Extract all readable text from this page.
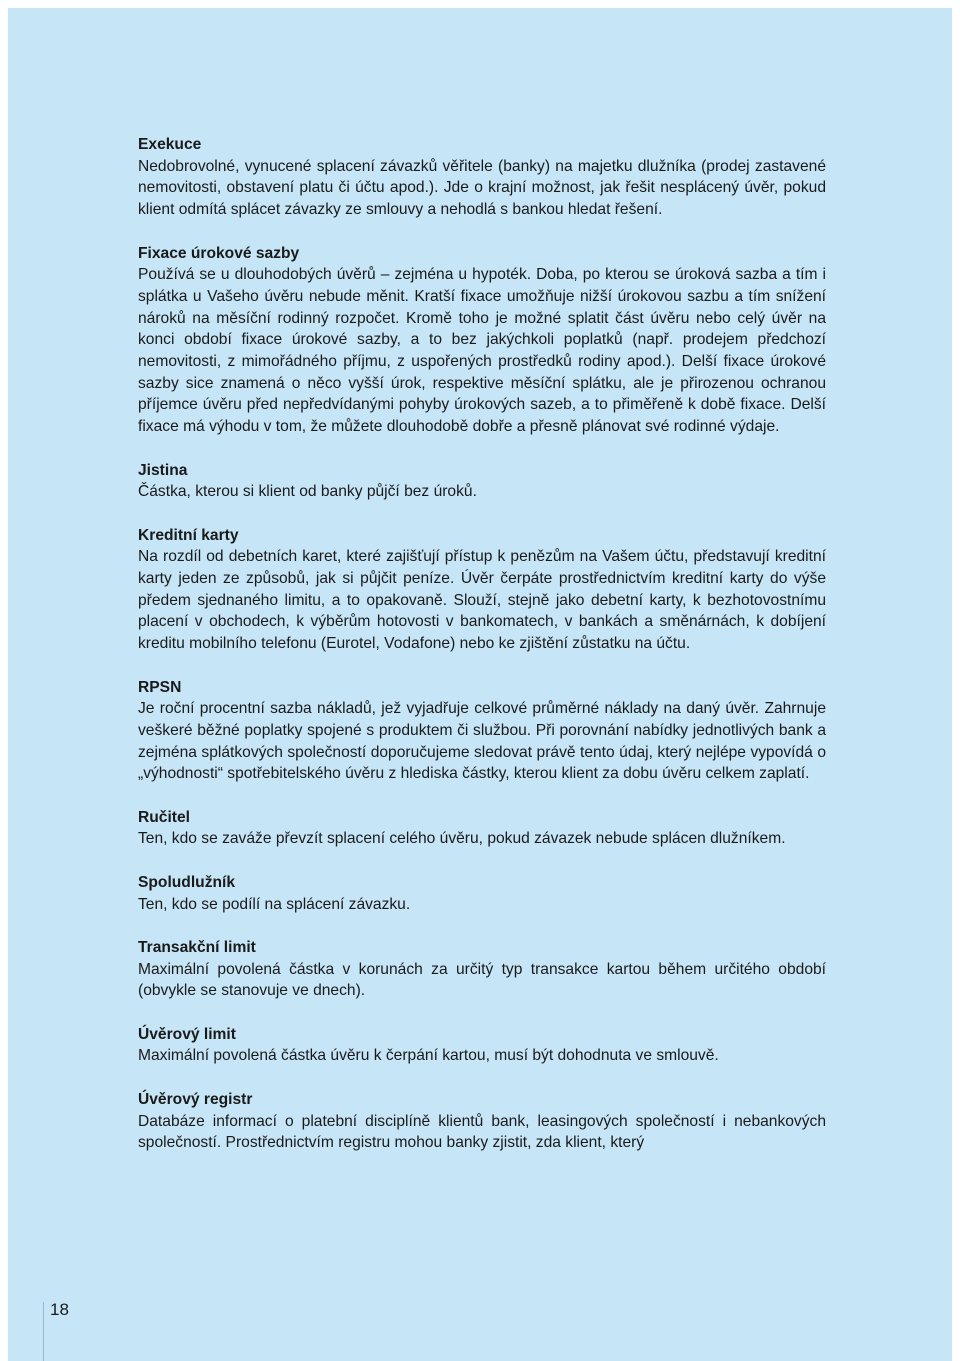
Exekuce
Nedobrovolné, vynucené splacení závazků věřitele (banky) na majetku dlužníka (prodej zastavené nemovitosti, obstavení platu či účtu apod.). Jde o krajní možnost, jak řešit nesplácený úvěr, pokud klient odmítá splácet závazky ze smlouvy a nehodlá s bankou hledat řešení.
Fixace úrokové sazby
Používá se u dlouhodobých úvěrů – zejména u hypoték. Doba, po kterou se úroková sazba a tím i splátka u Vašeho úvěru nebude měnit. Kratší fixace umožňuje nižší úrokovou sazbu a tím snížení nároků na měsíční rodinný rozpočet. Kromě toho je možné splatit část úvěru nebo celý úvěr na konci období fixace úrokové sazby, a to bez jakýchkoli poplatků (např. prodejem předchozí nemovitosti, z mimořádného příjmu, z uspořených prostředků rodiny apod.). Delší fixace úrokové sazby sice znamená o něco vyšší úrok, respektive měsíční splátku, ale je přirozenou ochranou příjemce úvěru před nepředvídanými pohyby úrokových sazeb, a to přiměřeně k době fixace. Delší fixace má výhodu v tom, že můžete dlouhodobě dobře a přesně plánovat své rodinné výdaje.
Jistina
Částka, kterou si klient od banky půjčí bez úroků.
Kreditní karty
Na rozdíl od debetních karet, které zajišťují přístup k penězům na Vašem účtu, představují kreditní karty jeden ze způsobů, jak si půjčit peníze. Úvěr čerpáte prostřednictvím kreditní karty do výše předem sjednaného limitu, a to opakovaně. Slouží, stejně jako debetní karty, k bezhotovostnímu placení v obchodech, k výběrům hotovosti v bankomatech, v bankách a směnárnách, k dobíjení kreditu mobilního telefonu (Eurotel, Vodafone) nebo ke zjištění zůstatku na účtu.
RPSN
Je roční procentní sazba nákladů, jež vyjadřuje celkové průměrné náklady na daný úvěr. Zahrnuje veškeré běžné poplatky spojené s produktem či službou. Při porovnání nabídky jednotlivých bank a zejména splátkových společností doporučujeme sledovat právě tento údaj, který nejlépe vypovídá o „výhodnosti“ spotřebitelského úvěru z hlediska částky, kterou klient za dobu úvěru celkem zaplatí.
Ručitel
Ten, kdo se zaváže převzít splacení celého úvěru, pokud závazek nebude splácen dlužníkem.
Spoludlužník
Ten, kdo se podílí na splácení závazku.
Transakční limit
Maximální povolená částka v korunách za určitý typ transakce kartou během určitého období (obvykle se stanovuje ve dnech).
Úvěrový limit
Maximální povolená částka úvěru k čerpání kartou, musí být dohodnuta ve smlouvě.
Úvěrový registr
Databáze informací o platební disciplíně klientů bank, leasingových společností i nebankových společností. Prostřednictvím registru mohou banky zjistit, zda klient, který
18
